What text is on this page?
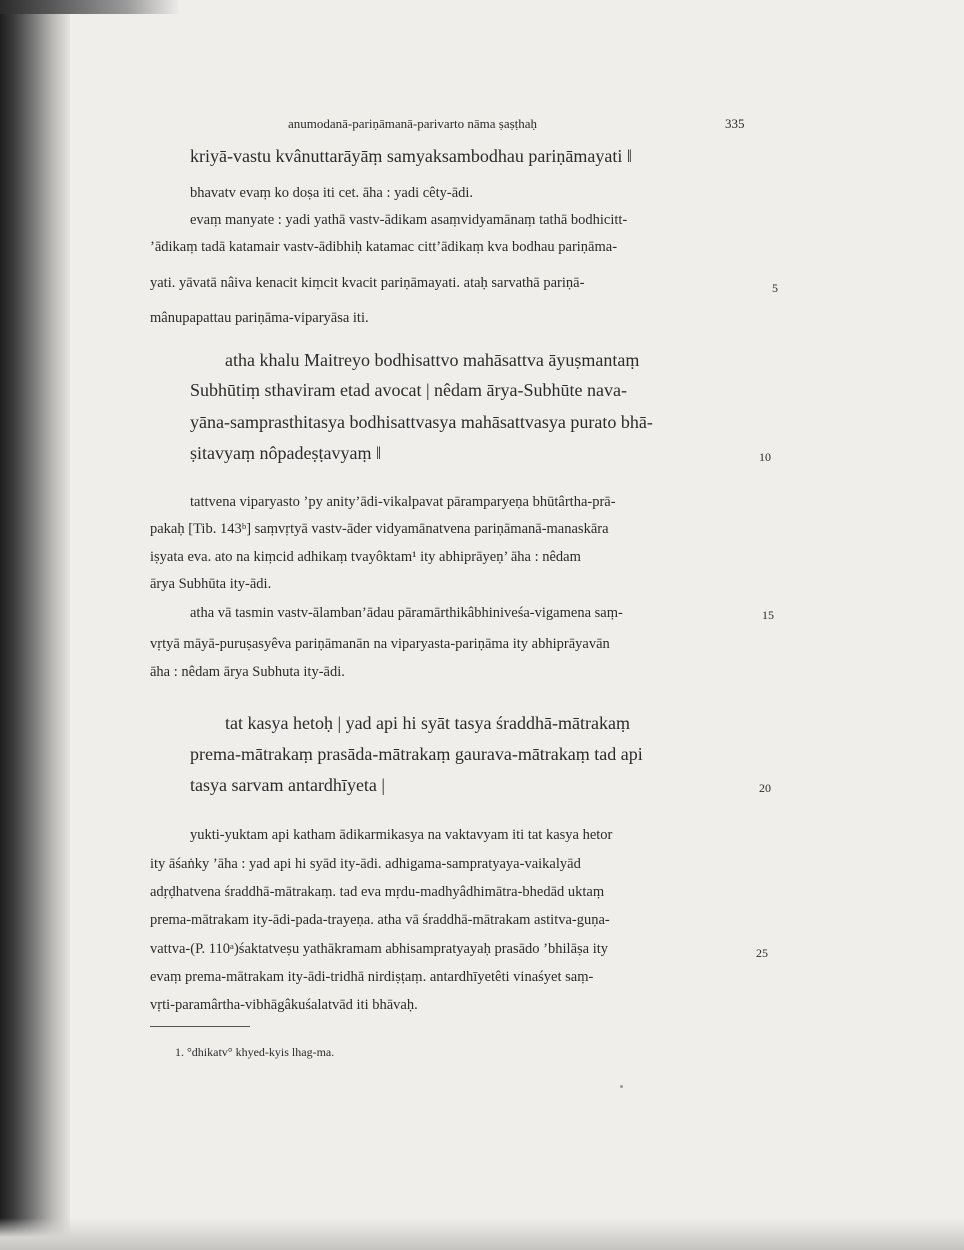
anumodanā-pariṇāmanā-parivarto nāma ṣaṣṭhaḥ	335
kriyā-vastu kvânuttarāyāṃ samyaksambodhau pariṇāmayati ‖
bhavatv evaṃ ko doṣa iti cet. āha : yadi cêty-ādi.
evaṃ manyate : yadi yathā vastv-ādikam asaṃvidyamānaṃ tathā bodhicitt-
’ādikaṃ tadā katamair vastv-ādibhiḥ katamac citt’ādikaṃ kva bodhau pariṇāma-
yati. yāvatā nâiva kenacit kiṃcit kvacit pariṇāmayati. ataḥ sarvathā pariṇā-
mânupapattau pariṇāma-viparyāsa iti.
atha khalu Maitreyo bodhisattvo mahāsattva āyuṣmantaṃ
Subhūtiṃ sthaviram etad avocat | nêdam ārya-Subhūte nava-
yāna-samprasthitasya bodhisattvasya mahāsattvasya purato bhā-
ṣitavyaṃ nôpadeṣṭavyaṃ ‖
tattvena viparyasto ’py anity’ādi-vikalpavat pāramparyeṇa bhūtârtha-prā-
pakaḥ [Tib. 143ᵇ] saṃvṛtyā vastv-āder vidyamānatvena pariṇāmanā-manaskāra
iṣyata eva. ato na kiṃcid adhikaṃ tvayôktam¹ ity abhiprāyeṇ’ āha : nêdam
ārya Subhūta ity-ādi.
atha vā tasmin vastv-ālamban’ādau pāramārthikâbhiniveśa-vigamena saṃ-
vṛtyā māyā-puruṣasyêva pariṇāmanān na viparyasta-pariṇāma ity abhiprāyavān
āha : nêdam ārya Subhuta ity-ādi.
tat kasya hetoḥ | yad api hi syāt tasya śraddhā-mātrakaṃ
prema-mātrakaṃ prasāda-mātrakaṃ gaurava-mātrakaṃ tad api
tasya sarvam antardhīyeta |
yukti-yuktam api katham ādikarmikasya na vaktavyam iti tat kasya hetor
ity āśaṅky ’āha : yad api hi syād ity-ādi. adhigama-sampratyaya-vaikalyād
adṛḍhatvena śraddhā-mātrakaṃ. tad eva mṛdu-madhyâdhimātra-bhedād uktaṃ
prema-mātrakam ity-ādi-pada-trayeṇa. atha vā śraddhā-mātrakam astitva-guṇa-
vattva-(P. 110ᵃ)śaktatveṣu yathākramam abhisampratyayaḥ prasādo ’bhilāṣa ity
evaṃ prema-mātrakam ity-ādi-tridhā nirdiṣṭaṃ. antardhīyetêti vinaśyet saṃ-
vṛti-paramârtha-vibhāgâkuśalatvād iti bhāvaḥ.
5
10
15
20
25
1. °dhikatv° khyed-kyis lhag-ma.
